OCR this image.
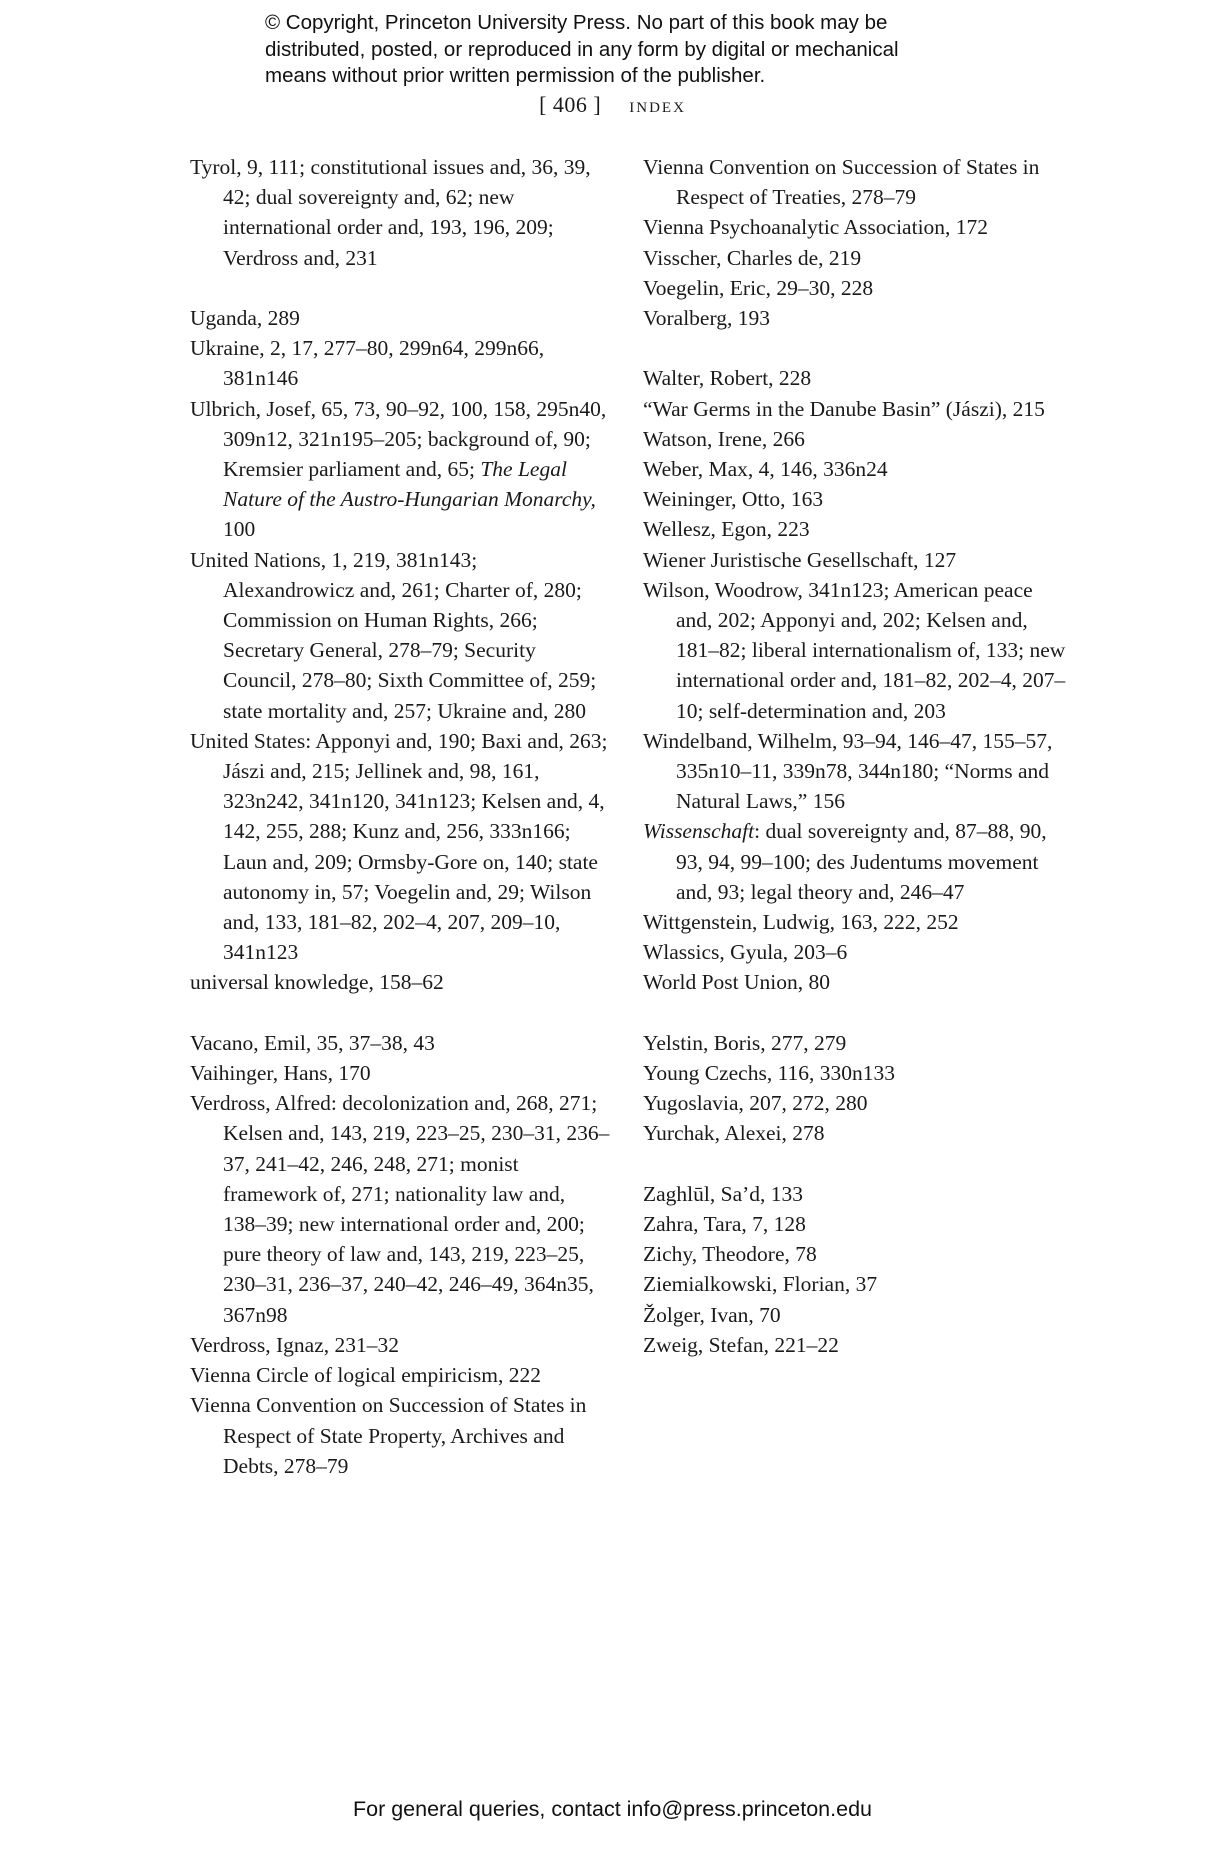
© Copyright, Princeton University Press. No part of this book may be
distributed, posted, or reproduced in any form by digital or mechanical
means without prior written permission of the publisher.
[ 406 ] index

Tyrol, 9, 111; constitutional issues and, 36, 39, 42; dual sovereignty and, 62; new international order and, 193, 196, 209; Verdross and, 231

Uganda, 289

Ukraine, 2, 17, 277–80, 299n64, 299n66, 381n146

Ulbrich, Josef, 65, 73, 90–92, 100, 158, 295n40, 309n12, 321n195–205; background of, 90; Kremsier parliament and, 65; The Legal Nature of the Austro-Hungarian Monarchy, 100

United Nations, 1, 219, 381n143; Alexandrowicz and, 261; Charter of, 280; Commission on Human Rights, 266; Secretary General, 278–79; Security Council, 278–80; Sixth Committee of, 259; state mortality and, 257; Ukraine and, 280

United States: Apponyi and, 190; Baxi and, 263; Jászi and, 215; Jellinek and, 98, 161, 323n242, 341n120, 341n123; Kelsen and, 4, 142, 255, 288; Kunz and, 256, 333n166; Laun and, 209; Ormsby-Gore on, 140; state autonomy in, 57; Voegelin and, 29; Wilson and, 133, 181–82, 202–4, 207, 209–10, 341n123

universal knowledge, 158–62

Vacano, Emil, 35, 37–38, 43

Vaihinger, Hans, 170

Verdross, Alfred: decolonization and, 268, 271; Kelsen and, 143, 219, 223–25, 230–31, 236–37, 241–42, 246, 248, 271; monist framework of, 271; nationality law and, 138–39; new international order and, 200; pure theory of law and, 143, 219, 223–25, 230–31, 236–37, 240–42, 246–49, 364n35, 367n98

Verdross, Ignaz, 231–32

Vienna Circle of logical empiricism, 222

Vienna Convention on Succession of States in Respect of State Property, Archives and Debts, 278–79

Vienna Convention on Succession of States in Respect of Treaties, 278–79

Vienna Psychoanalytic Association, 172

Visscher, Charles de, 219

Voegelin, Eric, 29–30, 228

Voralberg, 193

Walter, Robert, 228

“War Germs in the Danube Basin” (Jászi), 215

Watson, Irene, 266

Weber, Max, 4, 146, 336n24

Weininger, Otto, 163

Wellesz, Egon, 223

Wiener Juristische Gesellschaft, 127

Wilson, Woodrow, 341n123; American peace and, 202; Apponyi and, 202; Kelsen and, 181–82; liberal internationalism of, 133; new international order and, 181–82, 202–4, 207–10; self-determination and, 203

Windelband, Wilhelm, 93–94, 146–47, 155–57, 335n10–11, 339n78, 344n180; “Norms and Natural Laws,” 156

Wissenschaft: dual sovereignty and, 87–88, 90, 93, 94, 99–100; des Judentums movement and, 93; legal theory and, 246–47

Wittgenstein, Ludwig, 163, 222, 252

Wlassics, Gyula, 203–6

World Post Union, 80

Yelstin, Boris, 277, 279

Young Czechs, 116, 330n133

Yugoslavia, 207, 272, 280

Yurchak, Alexei, 278

Zaghlūl, Sa’d, 133

Zahra, Tara, 7, 128

Zichy, Theodore, 78

Ziemialkowski, Florian, 37

Žolger, Ivan, 70

Zweig, Stefan, 221–22

For general queries, contact info@press.princeton.edu
